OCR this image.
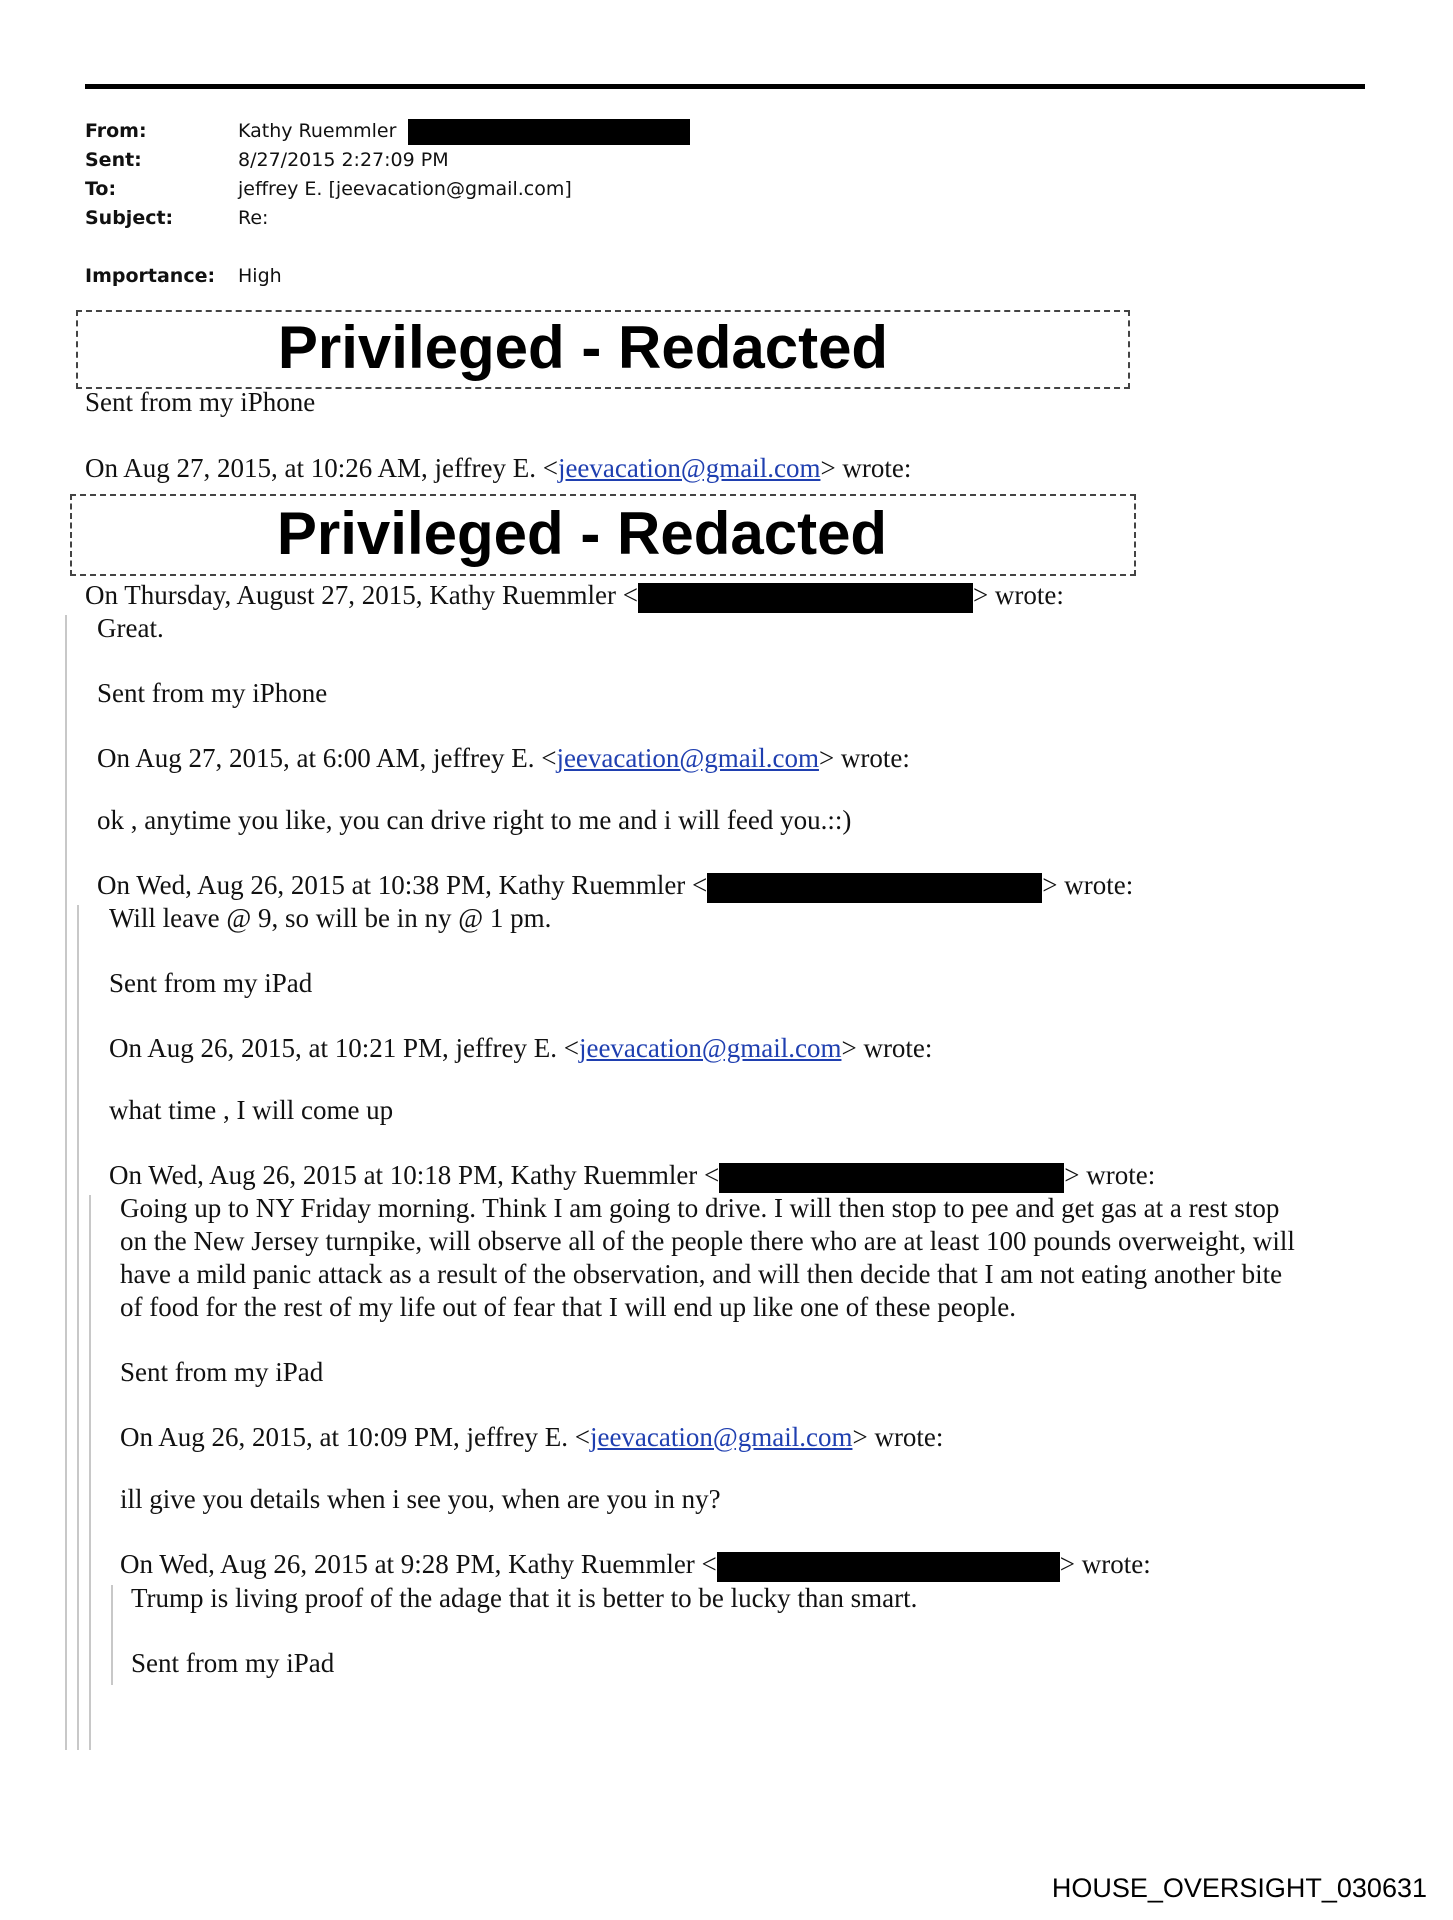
From:	Kathy Ruemmler
Sent:	8/27/2015 2:27:09 PM
To:	jeffrey E. [jeevacation@gmail.com]
Subject:	Re:
Importance: High
Privileged - Redacted
Sent from my iPhone
On Aug 27, 2015, at 10:26 AM, jeffrey E. <jeevacation@gmail.com> wrote:
Privileged - Redacted
On Thursday, August 27, 2015, Kathy Ruemmler <	> wrote:
Great.
Sent from my iPhone
On Aug 27, 2015, at 6:00 AM, jeffrey E. <jeevacation@gmail.com> wrote:
ok , anytime you like, you can drive right to me and i will feed you.::)
On Wed, Aug 26, 2015 at 10:38 PM, Kathy Ruemmler <	> wrote:
Will leave @ 9, so will be in ny @ 1 pm.
Sent from my iPad
On Aug 26, 2015, at 10:21 PM, jeffrey E. <jeevacation@gmail.com> wrote:
what time , I will come up
On Wed, Aug 26, 2015 at 10:18 PM, Kathy Ruemmler <	> wrote:
Going up to NY Friday morning. Think I am going to drive. I will then stop to pee and get gas at a rest stop
on the New Jersey turnpike, will observe all of the people there who are at least 100 pounds overweight, will
have a mild panic attack as a result of the observation, and will then decide that I am not eating another bite
of food for the rest of my life out of fear that I will end up like one of these people.
Sent from my iPad
On Aug 26, 2015, at 10:09 PM, jeffrey E. <jeevacation@gmail.com> wrote:
ill give you details when i see you, when are you in ny?
On Wed, Aug 26, 2015 at 9:28 PM, Kathy Ruemmler <	> wrote:
Trump is living proof of the adage that it is better to be lucky than smart.
Sent from my iPad
HOUSE_OVERSIGHT_030631
